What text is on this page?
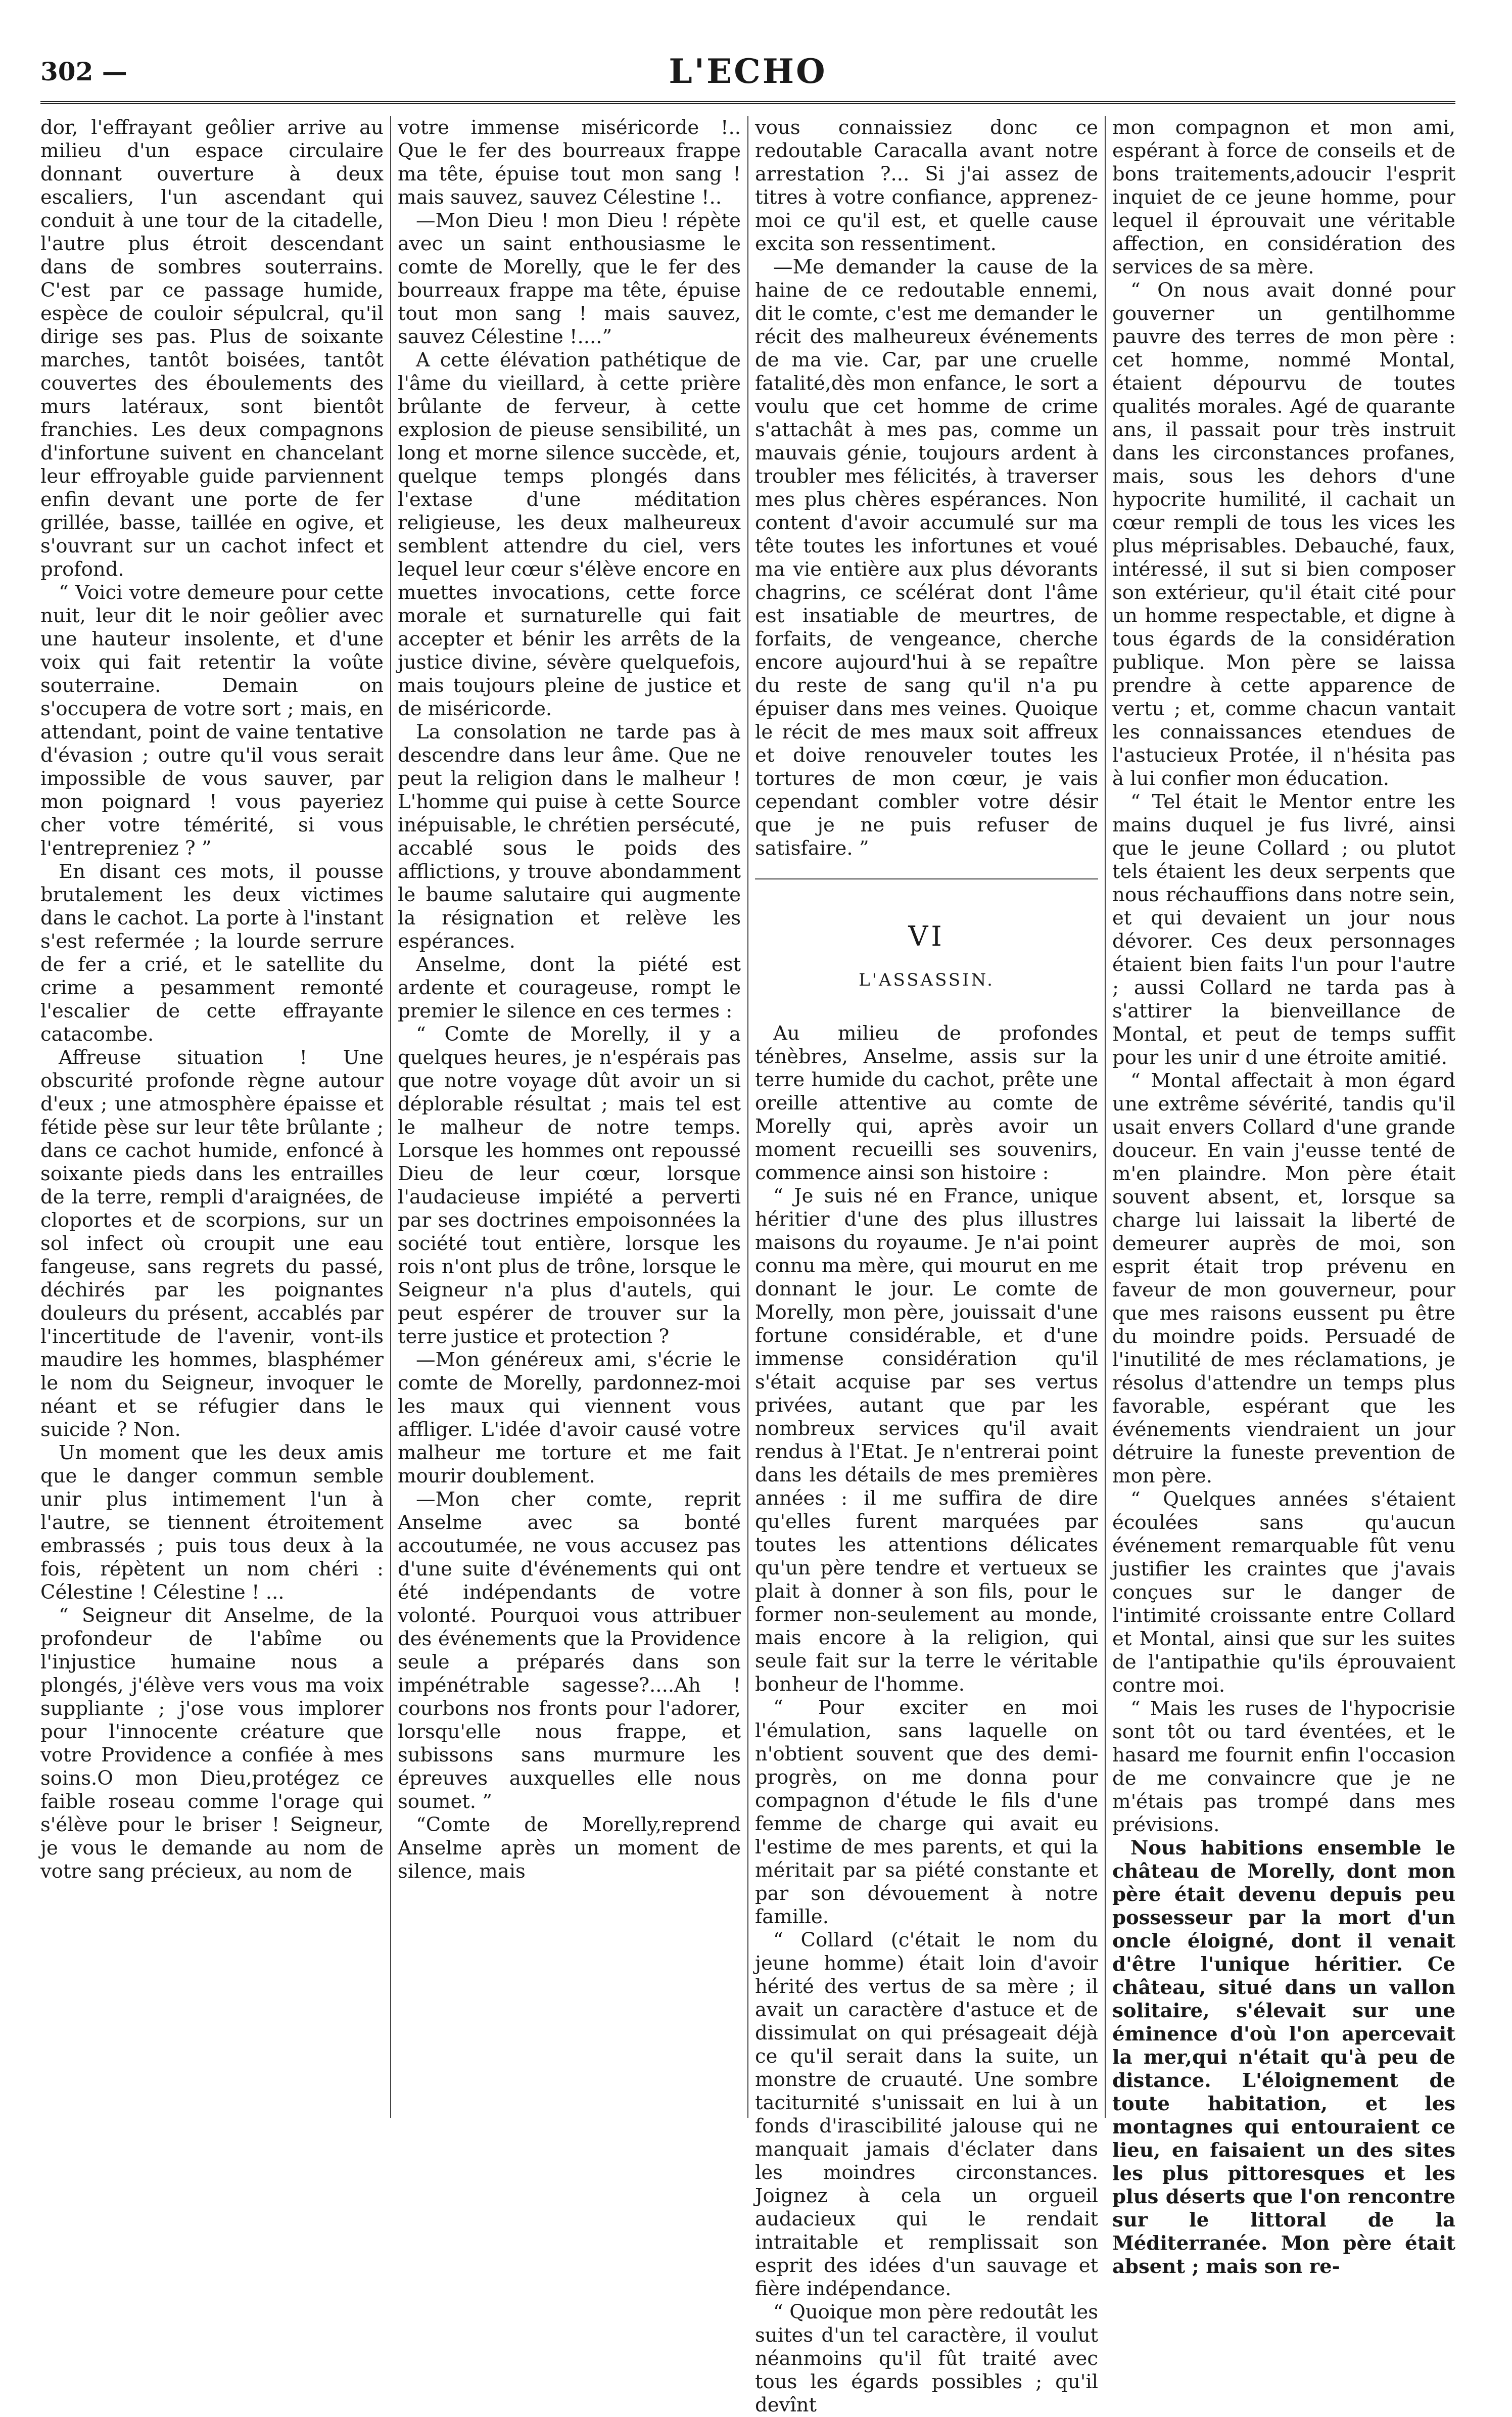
302 —	L'ECHO

dor, l'effrayant geôlier arrive au milieu d'un espace circulaire donnant ouverture à deux escaliers, l'un ascendant qui conduit à une tour de la citadelle, l'autre plus étroit descendant dans de sombres souterrains. C'est par ce passage humide, espèce de couloir sépulcral, qu'il dirige ses pas. Plus de soixante marches, tantôt boisées, tantôt couvertes des éboulements des murs latéraux, sont bientôt franchies. Les deux compagnons d'infortune suivent en chancelant leur effroyable guide parviennent enfin devant une porte de fer grillée, basse, taillée en ogive, et s'ouvrant sur un cachot infect et profond.

“ Voici votre demeure pour cette nuit, leur dit le noir geôlier avec une hauteur insolente, et d'une voix qui fait retentir la voûte souterraine. Demain on s'occupera de votre sort ; mais, en attendant, point de vaine tentative d'évasion ; outre qu'il vous serait impossible de vous sauver, par mon poignard ! vous payeriez cher votre témérité, si vous l'entrepreniez ? ”

En disant ces mots, il pousse brutalement les deux victimes dans le cachot. La porte à l'instant s'est refermée ; la lourde serrure de fer a crié, et le satellite du crime a pesamment remonté l'escalier de cette effrayante catacombe.

Affreuse situation ! Une obscurité profonde règne autour d'eux ; une atmosphère épaisse et fétide pèse sur leur tête brûlante ; dans ce cachot humide, enfoncé à soixante pieds dans les entrailles de la terre, rempli d'araignées, de cloportes et de scorpions, sur un sol infect où croupit une eau fangeuse, sans regrets du passé, déchirés par les poignantes douleurs du présent, accablés par l'incertitude de l'avenir, vont-ils maudire les hommes, blasphémer le nom du Seigneur, invoquer le néant et se réfugier dans le suicide ? Non.

Un moment que les deux amis que le danger commun semble unir plus intimement l'un à l'autre, se tiennent étroitement embrassés ; puis tous deux à la fois, répètent un nom chéri : Célestine ! Célestine ! ...

“ Seigneur dit Anselme, de la profondeur de l'abîme ou l'injustice humaine nous a plongés, j'élève vers vous ma voix suppliante ; j'ose vous implorer pour l'innocente créature que votre Providence a confiée à mes soins.O mon Dieu,protégez ce faible roseau comme l'orage qui s'élève pour le briser ! Seigneur, je vous le demande au nom de votre sang précieux, au nom de

votre immense miséricorde !.. Que le fer des bourreaux frappe ma tête, épuise tout mon sang ! mais sauvez, sauvez Célestine !..

—Mon Dieu ! mon Dieu ! répète avec un saint enthousiasme le comte de Morelly, que le fer des bourreaux frappe ma tête, épuise tout mon sang ! mais sauvez, sauvez Célestine !....”

A cette élévation pathétique de l'âme du vieillard, à cette prière brûlante de ferveur, à cette explosion de pieuse sensibilité, un long et morne silence succède, et, quelque temps plongés dans l'extase d'une méditation religieuse, les deux malheureux semblent attendre du ciel, vers lequel leur cœur s'élève encore en muettes invocations, cette force morale et surnaturelle qui fait accepter et bénir les arrêts de la justice divine, sévère quelquefois, mais toujours pleine de justice et de miséricorde.

La consolation ne tarde pas à descendre dans leur âme. Que ne peut la religion dans le malheur ! L'homme qui puise à cette Source inépuisable, le chrétien persécuté, accablé sous le poids des afflictions, y trouve abondamment le baume salutaire qui augmente la résignation et relève les espérances.

Anselme, dont la piété est ardente et courageuse, rompt le premier le silence en ces termes :

“ Comte de Morelly, il y a quelques heures, je n'espérais pas que notre voyage dût avoir un si déplorable résultat ; mais tel est le malheur de notre temps. Lorsque les hommes ont repoussé Dieu de leur cœur, lorsque l'audacieuse impiété a perverti par ses doctrines empoisonnées la société tout entière, lorsque les rois n'ont plus de trône, lorsque le Seigneur n'a plus d'autels, qui peut espérer de trouver sur la terre justice et protection ?

—Mon généreux ami, s'écrie le comte de Morelly, pardonnez-moi les maux qui viennent vous affliger. L'idée d'avoir causé votre malheur me torture et me fait mourir doublement.

—Mon cher comte, reprit Anselme avec sa bonté accoutumée, ne vous accusez pas d'une suite d'événements qui ont été indépendants de votre volonté. Pourquoi vous attribuer des événements que la Providence seule a préparés dans son impénétrable sagesse?....Ah ! courbons nos fronts pour l'adorer, lorsqu'elle nous frappe, et subissons sans murmure les épreuves auxquelles elle nous soumet. ”

“Comte de Morelly,reprend Anselme après un moment de silence, mais

vous connaissiez donc ce redoutable Caracalla avant notre arrestation ?... Si j'ai assez de titres à votre confiance, apprenez-moi ce qu'il est, et quelle cause excita son ressentiment.

—Me demander la cause de la haine de ce redoutable ennemi, dit le comte, c'est me demander le récit des malheureux événements de ma vie. Car, par une cruelle fatalité,dès mon enfance, le sort a voulu que cet homme de crime s'attachât à mes pas, comme un mauvais génie, toujours ardent à troubler mes félicités, à traverser mes plus chères espérances. Non content d'avoir accumulé sur ma tête toutes les infortunes et voué ma vie entière aux plus dévorants chagrins, ce scélérat dont l'âme est insatiable de meurtres, de forfaits, de vengeance, cherche encore aujourd'hui à se repaître du reste de sang qu'il n'a pu épuiser dans mes veines. Quoique le récit de mes maux soit affreux et doive renouveler toutes les tortures de mon cœur, je vais cependant combler votre désir que je ne puis refuser de satisfaire. ”

VI
L'ASSASSIN.

Au milieu de profondes ténèbres, Anselme, assis sur la terre humide du cachot, prête une oreille attentive au comte de Morelly qui, après avoir un moment recueilli ses souvenirs, commence ainsi son histoire :

“ Je suis né en France, unique héritier d'une des plus illustres maisons du royaume. Je n'ai point connu ma mère, qui mourut en me donnant le jour. Le comte de Morelly, mon père, jouissait d'une fortune considérable, et d'une immense considération qu'il s'était acquise par ses vertus privées, autant que par les nombreux services qu'il avait rendus à l'Etat. Je n'entrerai point dans les détails de mes premières années : il me suffira de dire qu'elles furent marquées par toutes les attentions délicates qu'un père tendre et vertueux se plait à donner à son fils, pour le former non-seulement au monde, mais encore à la religion, qui seule fait sur la terre le véritable bonheur de l'homme.

“ Pour exciter en moi l'émulation, sans laquelle on n'obtient souvent que des demi-progrès, on me donna pour compagnon d'étude le fils d'une femme de charge qui avait eu l'estime de mes parents, et qui la méritait par sa piété constante et par son dévouement à notre famille.

“ Collard (c'était le nom du jeune homme) était loin d'avoir hérité des vertus de sa mère ; il avait un caractère d'astuce et de dissimulat on qui présageait déjà ce qu'il serait dans la suite, un monstre de cruauté. Une sombre taciturnité s'unissait en lui à un fonds d'irascibilité jalouse qui ne manquait jamais d'éclater dans les moindres circonstances. Joignez à cela un orgueil audacieux qui le rendait intraitable et remplissait son esprit des idées d'un sauvage et fière indépendance.

“ Quoique mon père redoutât les suites d'un tel caractère, il voulut néanmoins qu'il fût traité avec tous les égards possibles ; qu'il devînt

mon compagnon et mon ami, espérant à force de conseils et de bons traitements,adoucir l'esprit inquiet de ce jeune homme, pour lequel il éprouvait une véritable affection, en considération des services de sa mère.

“ On nous avait donné pour gouverner un gentilhomme pauvre des terres de mon père : cet homme, nommé Montal, étaient dépourvu de toutes qualités morales. Agé de quarante ans, il passait pour très instruit dans les circonstances profanes, mais, sous les dehors d'une hypocrite humilité, il cachait un cœur rempli de tous les vices les plus méprisables. Debauché, faux, intéressé, il sut si bien composer son extérieur, qu'il était cité pour un homme respectable, et digne à tous égards de la considération publique. Mon père se laissa prendre à cette apparence de vertu ; et, comme chacun vantait les connaissances etendues de l'astucieux Protée, il n'hésita pas à lui confier mon éducation.

“ Tel était le Mentor entre les mains duquel je fus livré, ainsi que le jeune Collard ; ou plutot tels étaient les deux serpents que nous réchauffions dans notre sein, et qui devaient un jour nous dévorer. Ces deux personnages étaient bien faits l'un pour l'autre ; aussi Collard ne tarda pas à s'attirer la bienveillance de Montal, et peut de temps suffit pour les unir d une étroite amitié.

“ Montal affectait à mon égard une extrême sévérité, tandis qu'il usait envers Collard d'une grande douceur. En vain j'eusse tenté de m'en plaindre. Mon père était souvent absent, et, lorsque sa charge lui laissait la liberté de demeurer auprès de moi, son esprit était trop prévenu en faveur de mon gouverneur, pour que mes raisons eussent pu être du moindre poids. Persuadé de l'inutilité de mes réclamations, je résolus d'attendre un temps plus favorable, espérant que les événements viendraient un jour détruire la funeste prevention de mon père.

“ Quelques années s'étaient écoulées sans qu'aucun événement remarquable fût venu justifier les craintes que j'avais conçues sur le danger de l'intimité croissante entre Collard et Montal, ainsi que sur les suites de l'antipathie qu'ils éprouvaient contre moi.

“ Mais les ruses de l'hypocrisie sont tôt ou tard éventées, et le hasard me fournit enfin l'occasion de me convaincre que je ne m'étais pas trompé dans mes prévisions.

Nous habitions ensemble le château de Morelly, dont mon père était devenu depuis peu possesseur par la mort d'un oncle éloigné, dont il venait d'être l'unique héritier. Ce château, situé dans un vallon solitaire, s'élevait sur une éminence d'où l'on apercevait la mer,qui n'était qu'à peu de distance. L'éloignement de toute habitation, et les montagnes qui entouraient ce lieu, en faisaient un des sites les plus pittoresques et les plus déserts que l'on rencontre sur le littoral de la Méditerranée. Mon père était absent ; mais son re-
